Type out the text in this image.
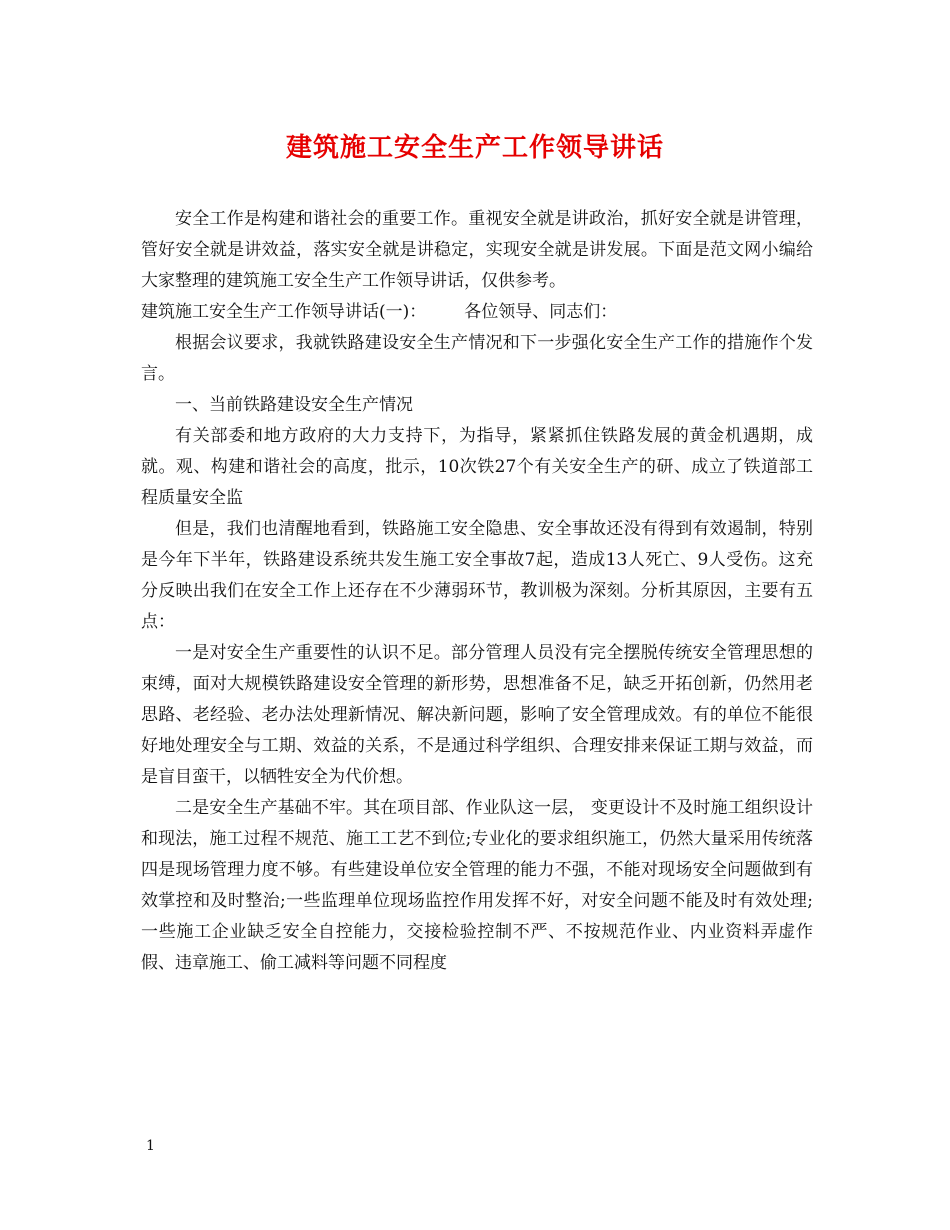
建筑施工安全生产工作领导讲话

安全工作是构建和谐社会的重要工作。重视安全就是讲政治，抓好安全就是讲管理，管好安全就是讲效益，落实安全就是讲稳定，实现安全就是讲发展。下面是范文网小编给大家整理的建筑施工安全生产工作领导讲话，仅供参考。

建筑施工安全生产工作领导讲话(一)： 各位领导、同志们：

根据会议要求，我就铁路建设安全生产情况和下一步强化安全生产工作的措施作个发言。

一、当前铁路建设安全生产情况

有关部委和地方政府的大力支持下，为指导，紧紧抓住铁路发展的黄金机遇期，成就。观、构建和谐社会的高度，批示，10次铁27个有关安全生产的研、成立了铁道部工程质量安全监

但是，我们也清醒地看到，铁路施工安全隐患、安全事故还没有得到有效遏制，特别是今年下半年，铁路建设系统共发生施工安全事故7起，造成13人死亡、9人受伤。这充分反映出我们在安全工作上还存在不少薄弱环节，教训极为深刻。分析其原因，主要有五点：

一是对安全生产重要性的认识不足。部分管理人员没有完全摆脱传统安全管理思想的束缚，面对大规模铁路建设安全管理的新形势，思想准备不足，缺乏开拓创新，仍然用老思路、老经验、老办法处理新情况、解决新问题，影响了安全管理成效。有的单位不能很好地处理安全与工期、效益的关系，不是通过科学组织、合理安排来保证工期与效益，而是盲目蛮干，以牺牲安全为代价想。

二是安全生产基础不牢。其在项目部、作业队这一层， 变更设计不及时施工组织设计和现法，施工过程不规范、施工工艺不到位;专业化的要求组织施工，仍然大量采用传统落 四是现场管理力度不够。有些建设单位安全管理的能力不强，不能对现场安全问题做到有效掌控和及时整治;一些监理单位现场监控作用发挥不好，对安全问题不能及时有效处理;一些施工企业缺乏安全自控能力，交接检验控制不严、不按规范作业、内业资料弄虚作假、违章施工、偷工减料等问题不同程度

1
